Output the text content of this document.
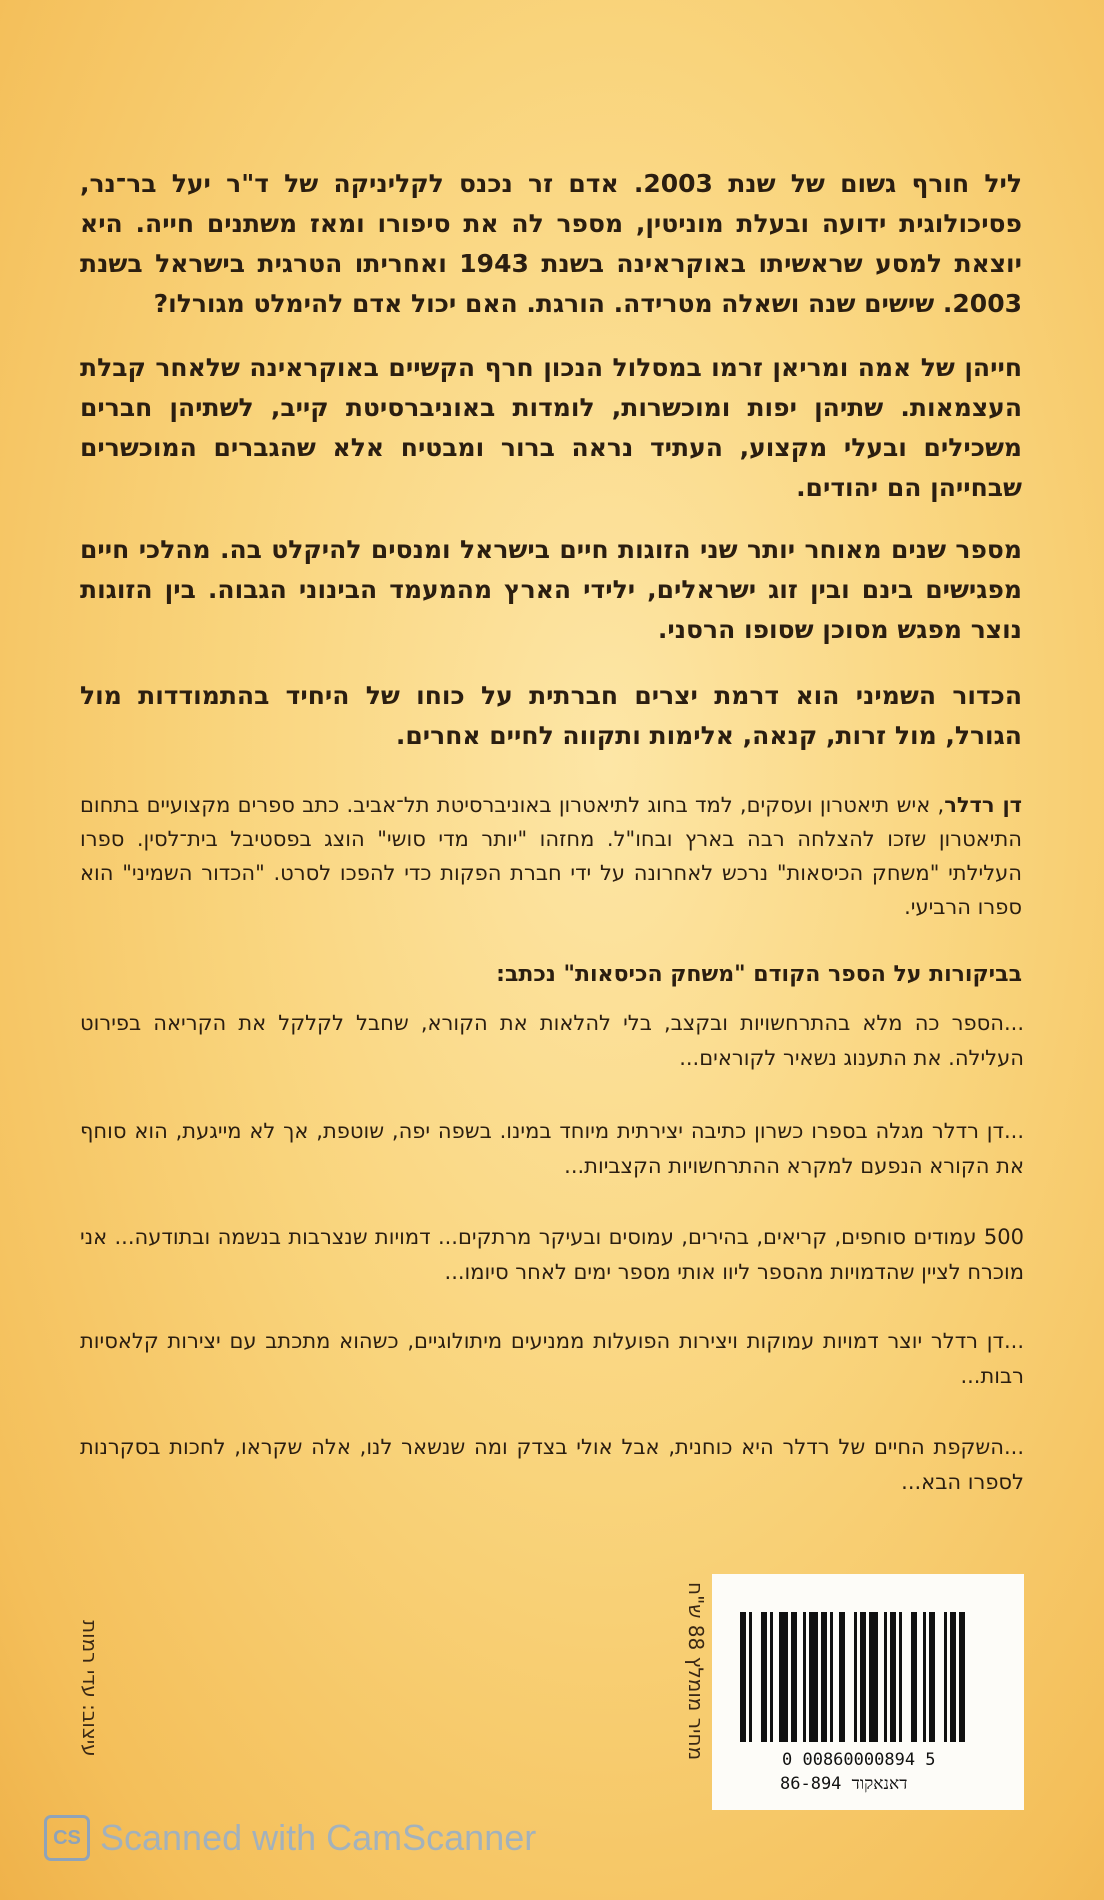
ליל חורף גשום של שנת 2003. אדם זר נכנס לקליניקה של ד"ר יעל בר־נר, פסיכולוגית ידועה ובעלת מוניטין, מספר לה את סיפורו ומאז משתנים חייה. היא יוצאת למסע שראשיתו באוקראינה בשנת 1943 ואחריתו הטרגית בישראל בשנת 2003. שישים שנה ושאלה מטרידה. הורגת. האם יכול אדם להימלט מגורלו?

חייהן של אמה ומריאן זרמו במסלול הנכון חרף הקשיים באוקראינה שלאחר קבלת העצמאות. שתיהן יפות ומוכשרות, לומדות באוניברסיטת קייב, לשתיהן חברים משכילים ובעלי מקצוע, העתיד נראה ברור ומבטיח אלא שהגברים המוכשרים שבחייהן הם יהודים.

מספר שנים מאוחר יותר שני הזוגות חיים בישראל ומנסים להיקלט בה. מהלכי חיים מפגישים בינם ובין זוג ישראלים, ילידי הארץ מהמעמד הבינוני הגבוה. בין הזוגות נוצר מפגש מסוכן שסופו הרסני.

הכדור השמיני הוא דרמת יצרים חברתית על כוחו של היחיד בהתמודדות מול הגורל, מול זרות, קנאה, אלימות ותקווה לחיים אחרים.

דן רדלר, איש תיאטרון ועסקים, למד בחוג לתיאטרון באוניברסיטת תל־אביב. כתב ספרים מקצועיים בתחום התיאטרון שזכו להצלחה רבה בארץ ובחו"ל. מחזהו "יותר מדי סושי" הוצג בפסטיבל בית־לסין. ספרו העלילתי "משחק הכיסאות" נרכש לאחרונה על ידי חברת הפקות כדי להפכו לסרט. "הכדור השמיני" הוא ספרו הרביעי.

בביקורות על הספר הקודם "משחק הכיסאות" נכתב:

...הספר כה מלא בהתרחשויות ובקצב, בלי להלאות את הקורא, שחבל לקלקל את הקריאה בפירוט העלילה. את התענוג נשאיר לקוראים...

...דן רדלר מגלה בספרו כשרון כתיבה יצירתית מיוחד במינו. בשפה יפה, שוטפת, אך לא מייגעת, הוא סוחף את הקורא הנפעם למקרא ההתרחשויות הקצביות...

500 עמודים סוחפים, קריאים, בהירים, עמוסים ובעיקר מרתקים... דמויות שנצרבות בנשמה ובתודעה... אני מוכרח לציין שהדמויות מהספר ליוו אותי מספר ימים לאחר סיומו...

...דן רדלר יוצר דמויות עמוקות ויצירות הפועלות ממניעים מיתולוגיים, כשהוא מתכתב עם יצירות קלאסיות רבות...

...השקפת החיים של רדלר היא כוחנית, אבל אולי בצדק ומה שנשאר לנו, אלה שקראו, לחכות בסקרנות לספרו הבא...

מחיר מומלץ 88 ש"ח	0 00860000894 5
דאנאקוד 86-894
עיצוב: עדי רמות
CS Scanned with CamScanner
